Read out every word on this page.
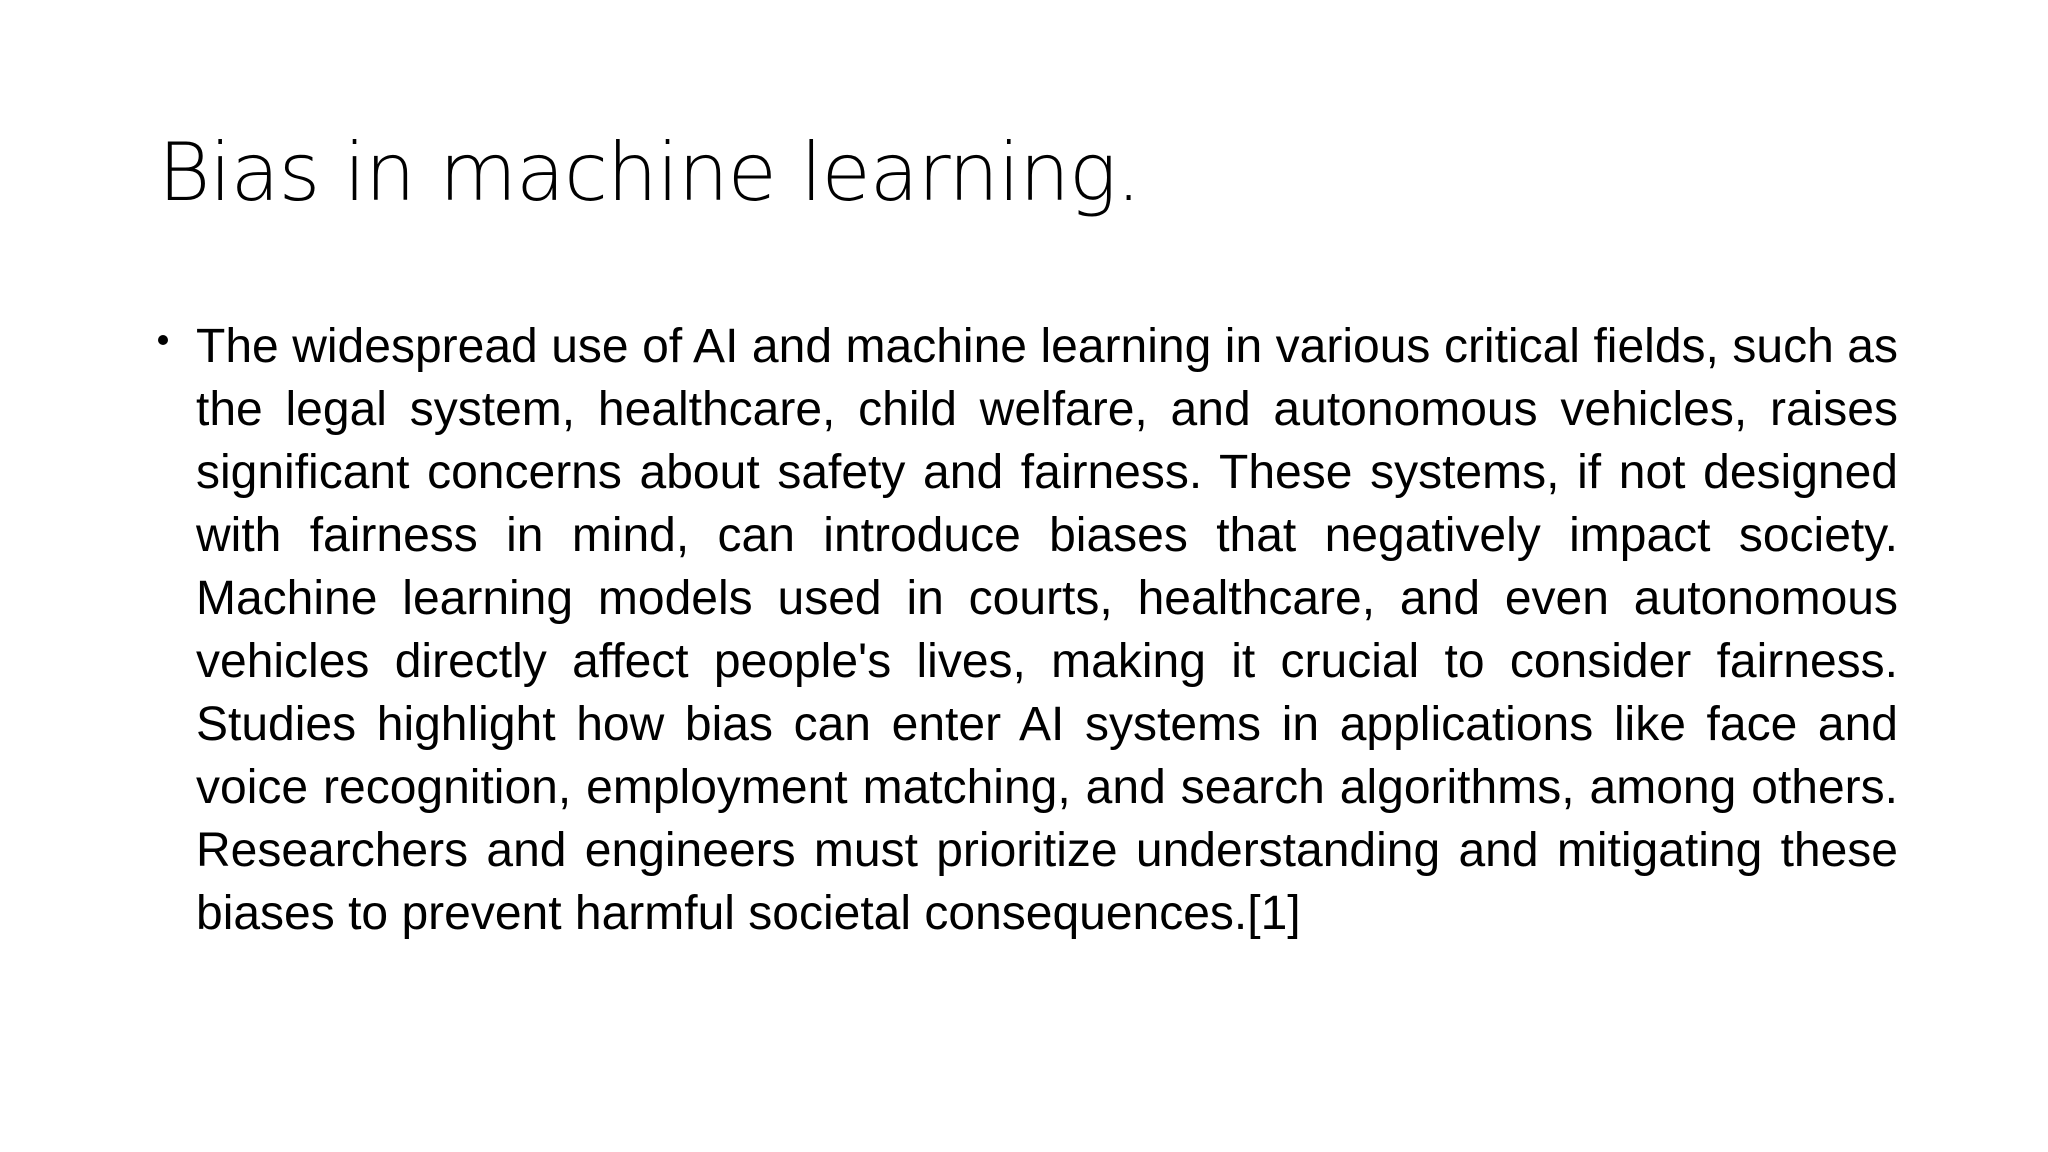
Bias in machine learning.

The widespread use of AI and machine learning in various critical fields, such as the legal system, healthcare, child welfare, and autonomous vehicles, raises significant concerns about safety and fairness. These systems, if not designed with fairness in mind, can introduce biases that negatively impact society. Machine learning models used in courts, healthcare, and even autonomous vehicles directly affect people's lives, making it crucial to consider fairness. Studies highlight how bias can enter AI systems in applications like face and voice recognition, employment matching, and search algorithms, among others. Researchers and engineers must prioritize understanding and mitigating these biases to prevent harmful societal consequences.[1]
